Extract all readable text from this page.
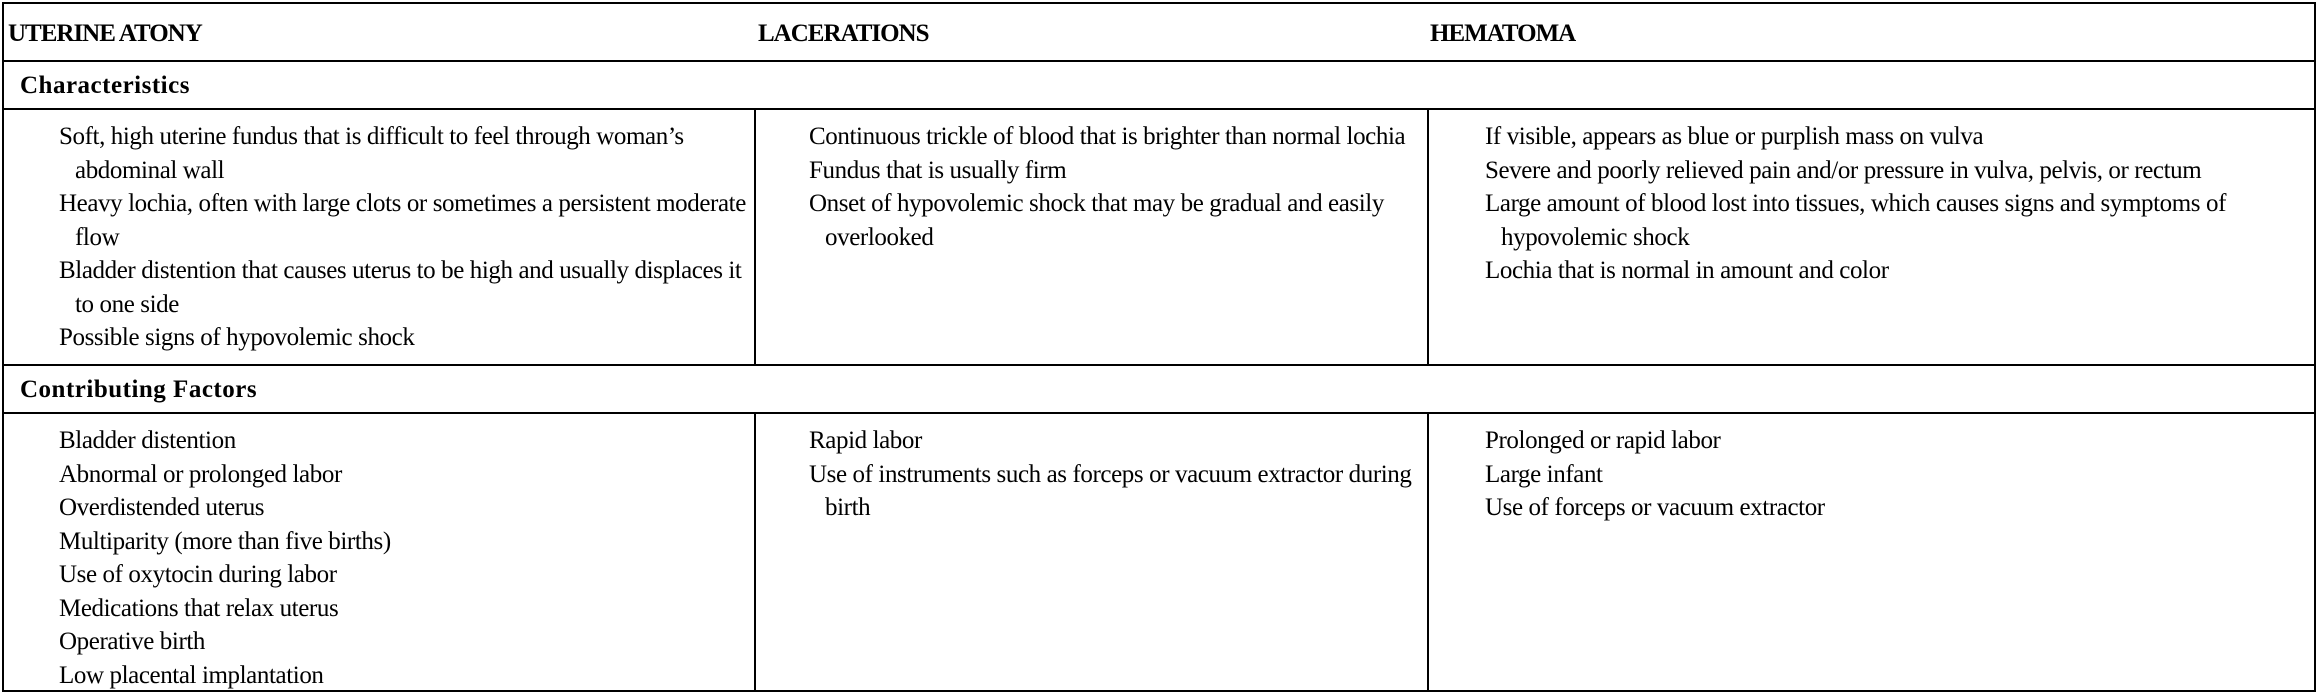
UTERINE ATONY	LACERATIONS	HEMATOMA
Characteristics
Soft, high uterine fundus that is difficult to feel through woman’s abdominal wall
Heavy lochia, often with large clots or sometimes a persistent moderate flow
Bladder distention that causes uterus to be high and usually displaces it to one side
Possible signs of hypovolemic shock
Continuous trickle of blood that is brighter than normal lochia
Fundus that is usually firm
Onset of hypovolemic shock that may be gradual and easily overlooked
If visible, appears as blue or purplish mass on vulva
Severe and poorly relieved pain and/or pressure in vulva, pelvis, or rectum
Large amount of blood lost into tissues, which causes signs and symptoms of hypovolemic shock
Lochia that is normal in amount and color
Contributing Factors
Bladder distention
Abnormal or prolonged labor
Overdistended uterus
Multiparity (more than five births)
Use of oxytocin during labor
Medications that relax uterus
Operative birth
Low placental implantation
Rapid labor
Use of instruments such as forceps or vacuum extractor during birth
Prolonged or rapid labor
Large infant
Use of forceps or vacuum extractor
